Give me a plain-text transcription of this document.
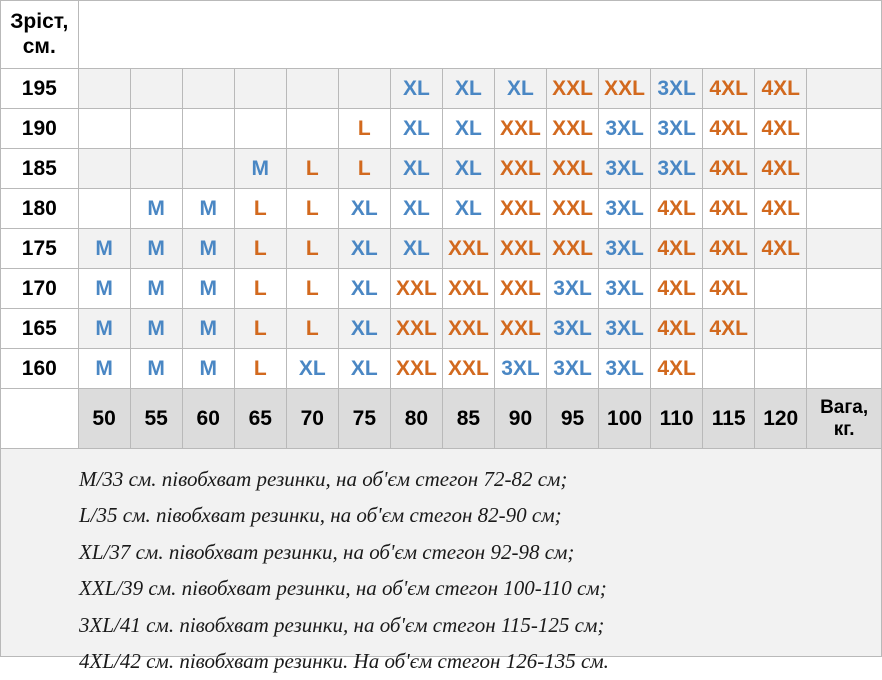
Зріст, см.															
195							XL	XL	XL	XXL	XXL	3XL	4XL	4XL	
190						L	XL	XL	XXL	XXL	3XL	3XL	4XL	4XL	
185				M	L	L	XL	XL	XXL	XXL	3XL	3XL	4XL	4XL	
180		M	M	L	L	XL	XL	XL	XXL	XXL	3XL	4XL	4XL	4XL	
175	M	M	M	L	L	XL	XL	XXL	XXL	XXL	3XL	4XL	4XL	4XL	
170	M	M	M	L	L	XL	XXL	XXL	XXL	3XL	3XL	4XL	4XL		
165	M	M	M	L	L	XL	XXL	XXL	XXL	3XL	3XL	4XL	4XL		
160	M	M	M	L	XL	XL	XXL	XXL	3XL	3XL	3XL	4XL			
	50	55	60	65	70	75	80	85	90	95	100	110	115	120	Вага, кг.

M/33 см. півобхват резинки, на об'єм стегон 72-82 см;

L/35 см. півобхват резинки, на об'єм стегон 82-90 см;

XL/37 см. півобхват резинки, на об'єм стегон 92-98 см;

XXL/39 см. півобхват резинки, на об'єм стегон 100-110 см;

3XL/41 см. півобхват резинки, на об'єм стегон 115-125 см;

4XL/42 см. півобхват резинки. На об'єм стегон 126-135 см.
